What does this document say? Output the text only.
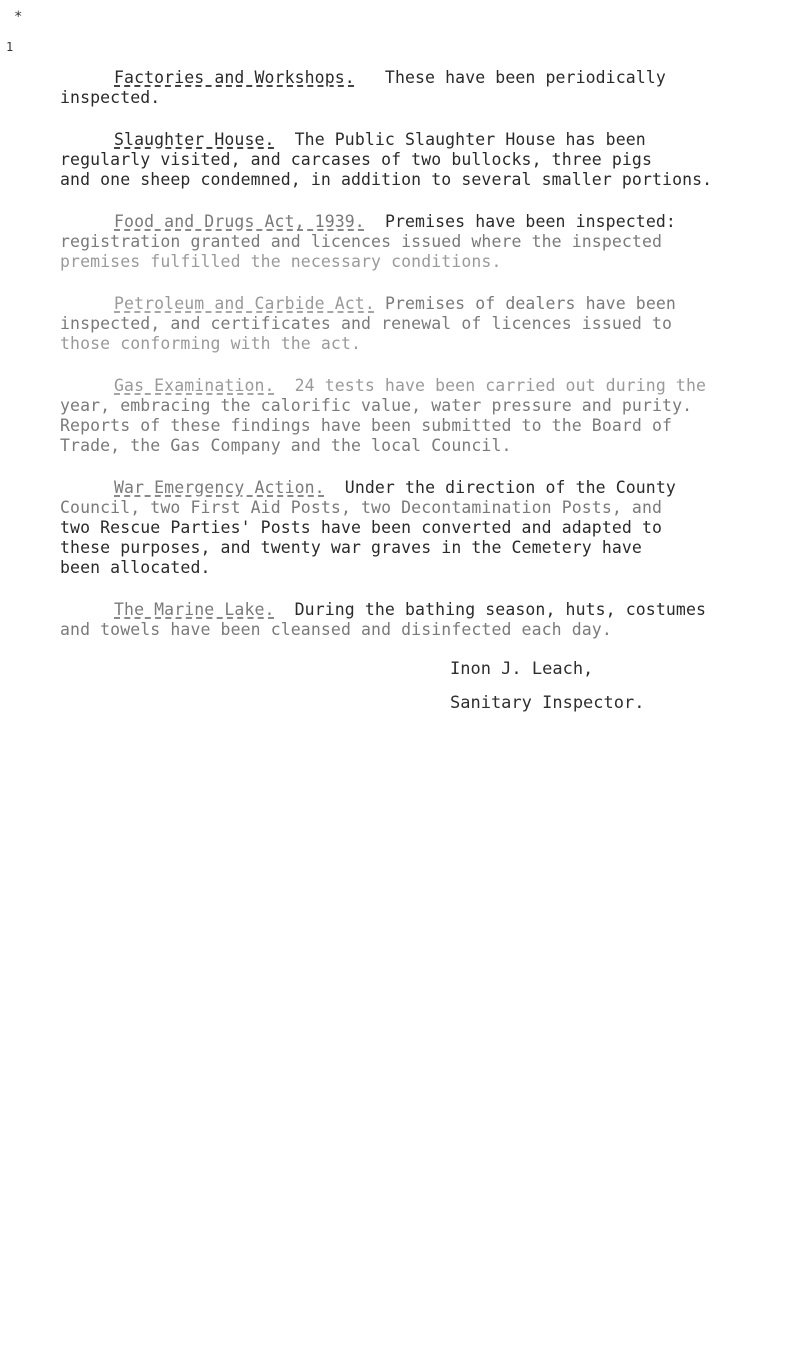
*
1
Factories and Workshops. These have been periodically
inspected.
Slaughter House. The Public Slaughter House has been
regularly visited, and carcases of two bullocks, three pigs
and one sheep condemned, in addition to several smaller portions.
Food and Drugs Act, 1939. Premises have been inspected:
registration granted and licences issued where the inspected
premises fulfilled the necessary conditions.
Petroleum and Carbide Act. Premises of dealers have been
inspected, and certificates and renewal of licences issued to
those conforming with the act.
Gas Examination. 24 tests have been carried out during the
year, embracing the calorific value, water pressure and purity.
Reports of these findings have been submitted to the Board of
Trade, the Gas Company and the local Council.
War Emergency Action. Under the direction of the County
Council, two First Aid Posts, two Decontamination Posts, and
two Rescue Parties' Posts have been converted and adapted to
these purposes, and twenty war graves in the Cemetery have
been allocated.
The Marine Lake. During the bathing season, huts, costumes
and towels have been cleansed and disinfected each day.
Inon J. Leach,
Sanitary Inspector.
